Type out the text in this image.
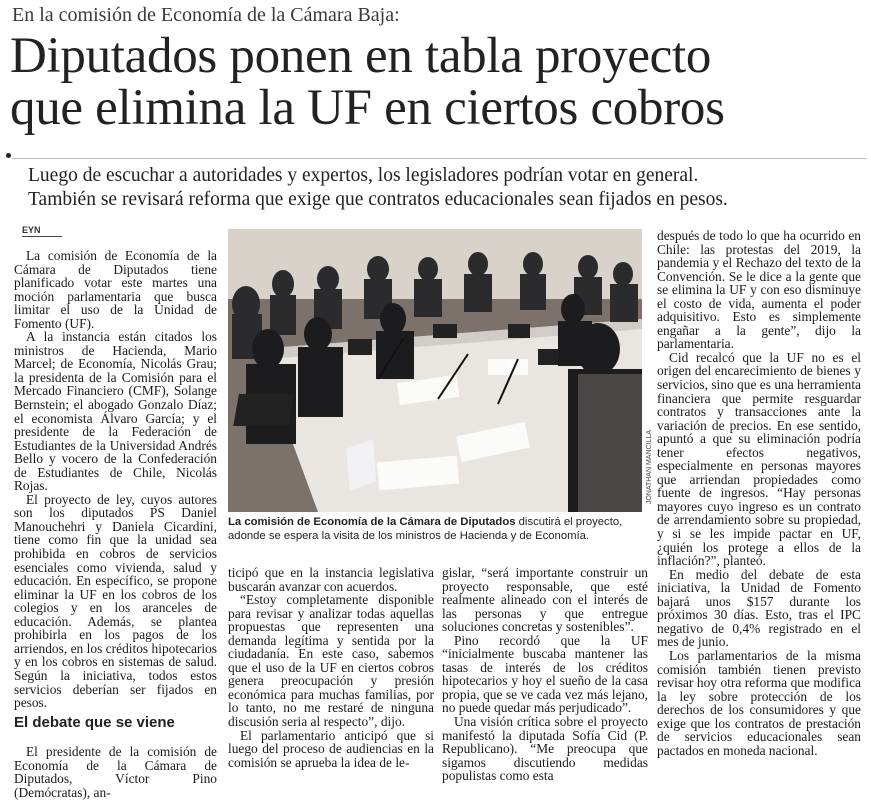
En la comisión de Economía de la Cámara Baja:
Diputados ponen en tabla proyecto
que elimina la UF en ciertos cobros

Luego de escuchar a autoridades y expertos, los legisladores podrían votar en general.

También se revisará reforma que exige que contratos educacionales sean fijados en pesos.

EYN

La comisión de Economía de la Cámara de Diputados tiene planificado votar este martes una moción parlamentaria que busca limitar el uso de la Unidad de Fomento (UF).

A la instancia están citados los ministros de Hacienda, Mario Marcel; de Economía, Nicolás Grau; la presidenta de la Comisión para el Mercado Financiero (CMF), Solange Bernstein; el abogado Gonzalo Díaz; el economista Álvaro García; y el presidente de la Federación de Estudiantes de la Universidad Andrés Bello y vocero de la Confederación de Estudiantes de Chile, Nicolás Rojas.

El proyecto de ley, cuyos autores son los diputados PS Daniel Manouchehri y Daniela Cicardini, tiene como fin que la unidad sea prohibida en cobros de servicios esenciales como vivienda, salud y educación. En específico, se propone eliminar la UF en los cobros de los colegios y en los aranceles de educación. Además, se plantea prohibirla en los pagos de los arriendos, en los créditos hipotecarios y en los cobros en sistemas de salud. Según la iniciativa, todos estos servicios deberían ser fijados en pesos.

El debate que se viene

El presidente de la comisión de Economía de la Cámara de Diputados, Víctor Pino (Demócratas), an-

JONATHAN MANCILLA
La comisión de Economía de la Cámara de Diputados discutirá el proyecto, adonde se espera la visita de los ministros de Hacienda y de Economía.

ticipó que en la instancia legislativa buscarán avanzar con acuerdos.

“Estoy completamente disponible para revisar y analizar todas aquellas propuestas que representen una demanda legítima y sentida por la ciudadanía. En este caso, sabemos que el uso de la UF en ciertos cobros genera preocupación y presión económica para muchas familias, por lo tanto, no me restaré de ninguna discusión seria al respecto”, dijo.

El parlamentario anticipó que si luego del proceso de audiencias en la comisión se aprueba la idea de le-

gislar, “será importante construir un proyecto responsable, que esté realmente alineado con el interés de las personas y que entregue soluciones concretas y sostenibles”.

Pino recordó que la UF “inicialmente buscaba mantener las tasas de interés de los créditos hipotecarios y hoy el sueño de la casa propia, que se ve cada vez más lejano, no puede quedar más perjudicado”.

Una visión crítica sobre el proyecto manifestó la diputada Sofía Cid (P. Republicano). “Me preocupa que sigamos discutiendo medidas populistas como esta

después de todo lo que ha ocurrido en Chile: las protestas del 2019, la pandemia y el Rechazo del texto de la Convención. Se le dice a la gente que se elimina la UF y con eso disminuye el costo de vida, aumenta el poder adquisitivo. Esto es simplemente engañar a la gente”, dijo la parlamentaria.

Cid recalcó que la UF no es el origen del encarecimiento de bienes y servicios, sino que es una herramienta financiera que permite resguardar contratos y transacciones ante la variación de precios. En ese sentido, apuntó a que su eliminación podría tener efectos negativos, especialmente en personas mayores que arriendan propiedades como fuente de ingresos. “Hay personas mayores cuyo ingreso es un contrato de arrendamiento sobre su propiedad, y si se les impide pactar en UF, ¿quién los protege a ellos de la inflación?”, planteó.

En medio del debate de esta iniciativa, la Unidad de Fomento bajará unos $157 durante los próximos 30 días. Esto, tras el IPC negativo de 0,4% registrado en el mes de junio.

Los parlamentarios de la misma comisión también tienen previsto revisar hoy otra reforma que modifica la ley sobre protección de los derechos de los consumidores y que exige que los contratos de prestación de servicios educacionales sean pactados en moneda nacional.
